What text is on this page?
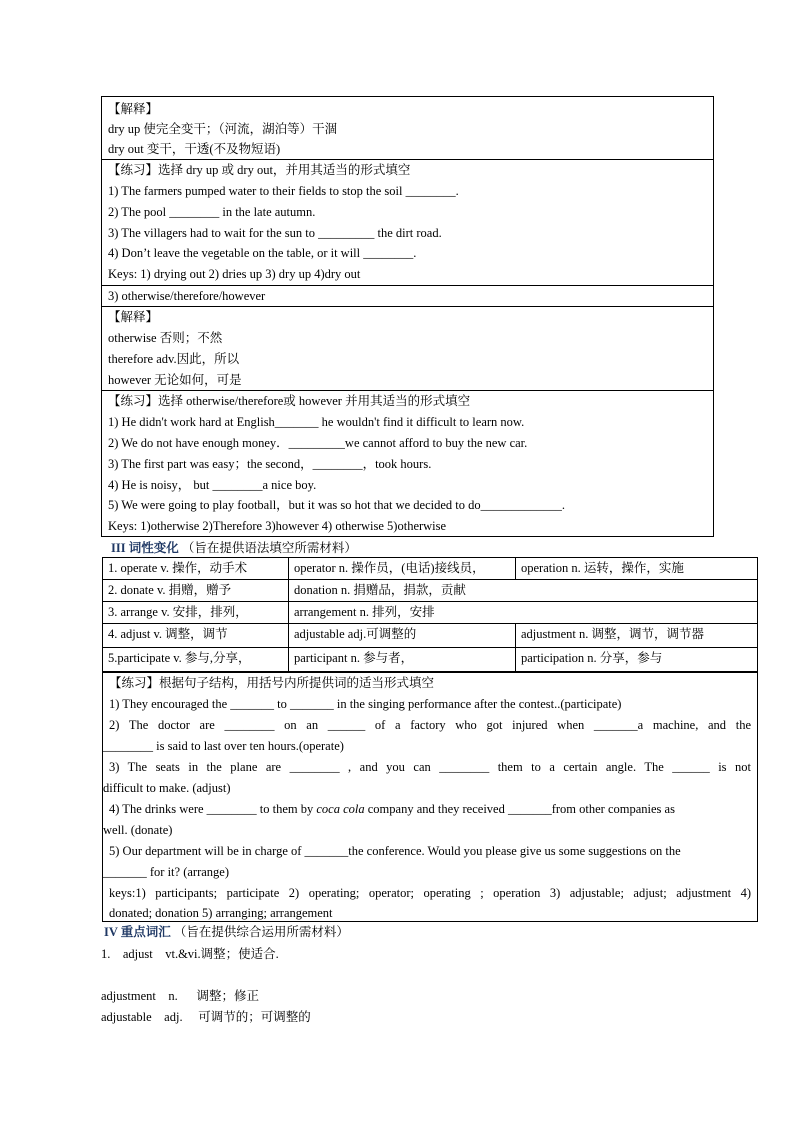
【解释】
dry up 使完全变干；（河流，湖泊等）干涸
dry out 变干，干透(不及物短语)
【练习】选择 dry up 或 dry out，并用其适当的形式填空
1) The farmers pumped water to their fields to stop the soil ________.
2) The pool ________ in the late autumn.
3) The villagers had to wait for the sun to _________ the dirt road.
4) Don’t leave the vegetable on the table, or it will ________.
Keys: 1) drying out 2) dries up 3) dry up 4)dry out
3) otherwise/therefore/however
【解释】
otherwise 否则；不然
therefore adv.因此，所以
however 无论如何，可是
【练习】选择 otherwise/therefore或 however 并用其适当的形式填空
1) He didn't work hard at English_______ he wouldn't find it difficult to learn now.
2) We do not have enough money．_________we cannot afford to buy the new car.
3) The first part was easy；the second，________，took hours.
4) He is noisy， but ________a nice boy.
5) We were going to play football，but it was so hot that we decided to do_____________.
Keys: 1)otherwise 2)Therefore 3)however 4) otherwise 5)otherwise
III 词性变化 （旨在提供语法填空所需材料）
1. operate v. 操作，动手术	operator n. 操作员，(电话)接线员，	operation n. 运转，操作，实施
2. donate v. 捐赠，赠予	donation n. 捐赠品，捐款，贡献
3. arrange v. 安排，排列，	arrangement n. 排列，安排
4. adjust v. 调整，调节	adjustable adj.可调整的	adjustment n. 调整，调节，调节器
5.participate v. 参与,分享，	participant n. 参与者，	participation n. 分享，参与
【练习】根据句子结构，用括号内所提供词的适当形式填空
1) They encouraged the _______ to _______ in the singing performance after the contest..(participate)
2) The doctor are ________ on an ______ of a factory who got injured when _______a machine, and the
________ is said to last over ten hours.(operate)
3) The seats in the plane are ________ , and you can ________ them to a certain angle. The ______ is not
difficult to make. (adjust)
4) The drinks were ________ to them by coca cola company and they received _______from other companies as
well. (donate)
5) Our department will be in charge of _______the conference. Would you please give us some suggestions on the
_______ for it? (arrange)
keys:1) participants; participate 2) operating; operator; operating ; operation 3) adjustable; adjust; adjustment 4)
donated; donation 5) arranging; arrangement
IV 重点词汇 （旨在提供综合运用所需材料）
1.    adjust    vt.&vi.调整；使适合.
adjustment    n.      调整；修正
adjustable    adj.     可调节的；可调整的
